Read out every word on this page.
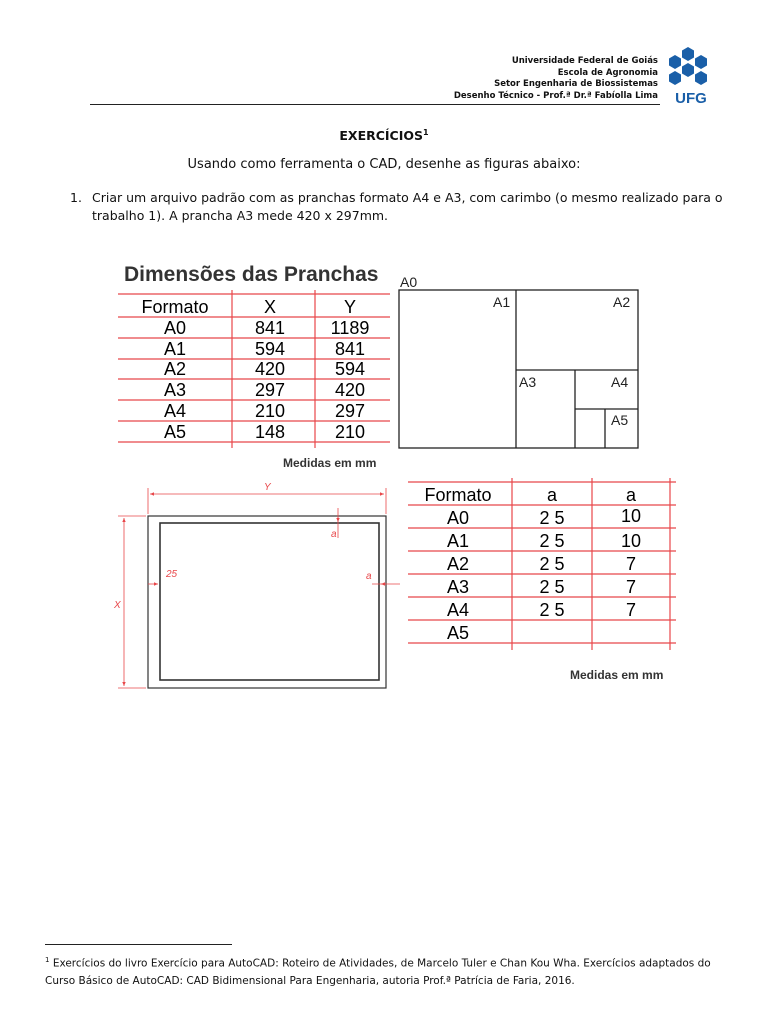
Universidade Federal de Goiás
Escola de Agronomia
Setor Engenharia de Biossistemas
Desenho Técnico - Prof.ª Dr.ª Fabíolla Lima UFG
EXERCÍCIOS$^1$
Usando como ferramenta o CAD, desenhe as figuras abaixo:
1. Criar um arquivo padrão com as pranchas formato A4 e A3, com carimbo (o mesmo realizado para o trabalho 1). A prancha A3 mede 420 x 297mm.
Dimensões das Pranchas
Formato	X	Y
A0	841	1189
A1	594	841
A2	420	594
A3	297	420
A4	210	297
A5	148	210
Medidas em mm
A0
A1	A2
A3	A4
A5
Y
X
25	a
a
Formato	a	a
A0	2 5	10
A1	2 5	10
A2	2 5	7
A3	2 5	7
A4	2 5	7
A5
Medidas em mm
$^1$ Exercícios do livro Exercício para AutoCAD: Roteiro de Atividades, de Marcelo Tuler e Chan Kou Wha. Exercícios adaptados do Curso Básico de AutoCAD: CAD Bidimensional Para Engenharia, autoria Prof.ª Patrícia de Faria, 2016.
